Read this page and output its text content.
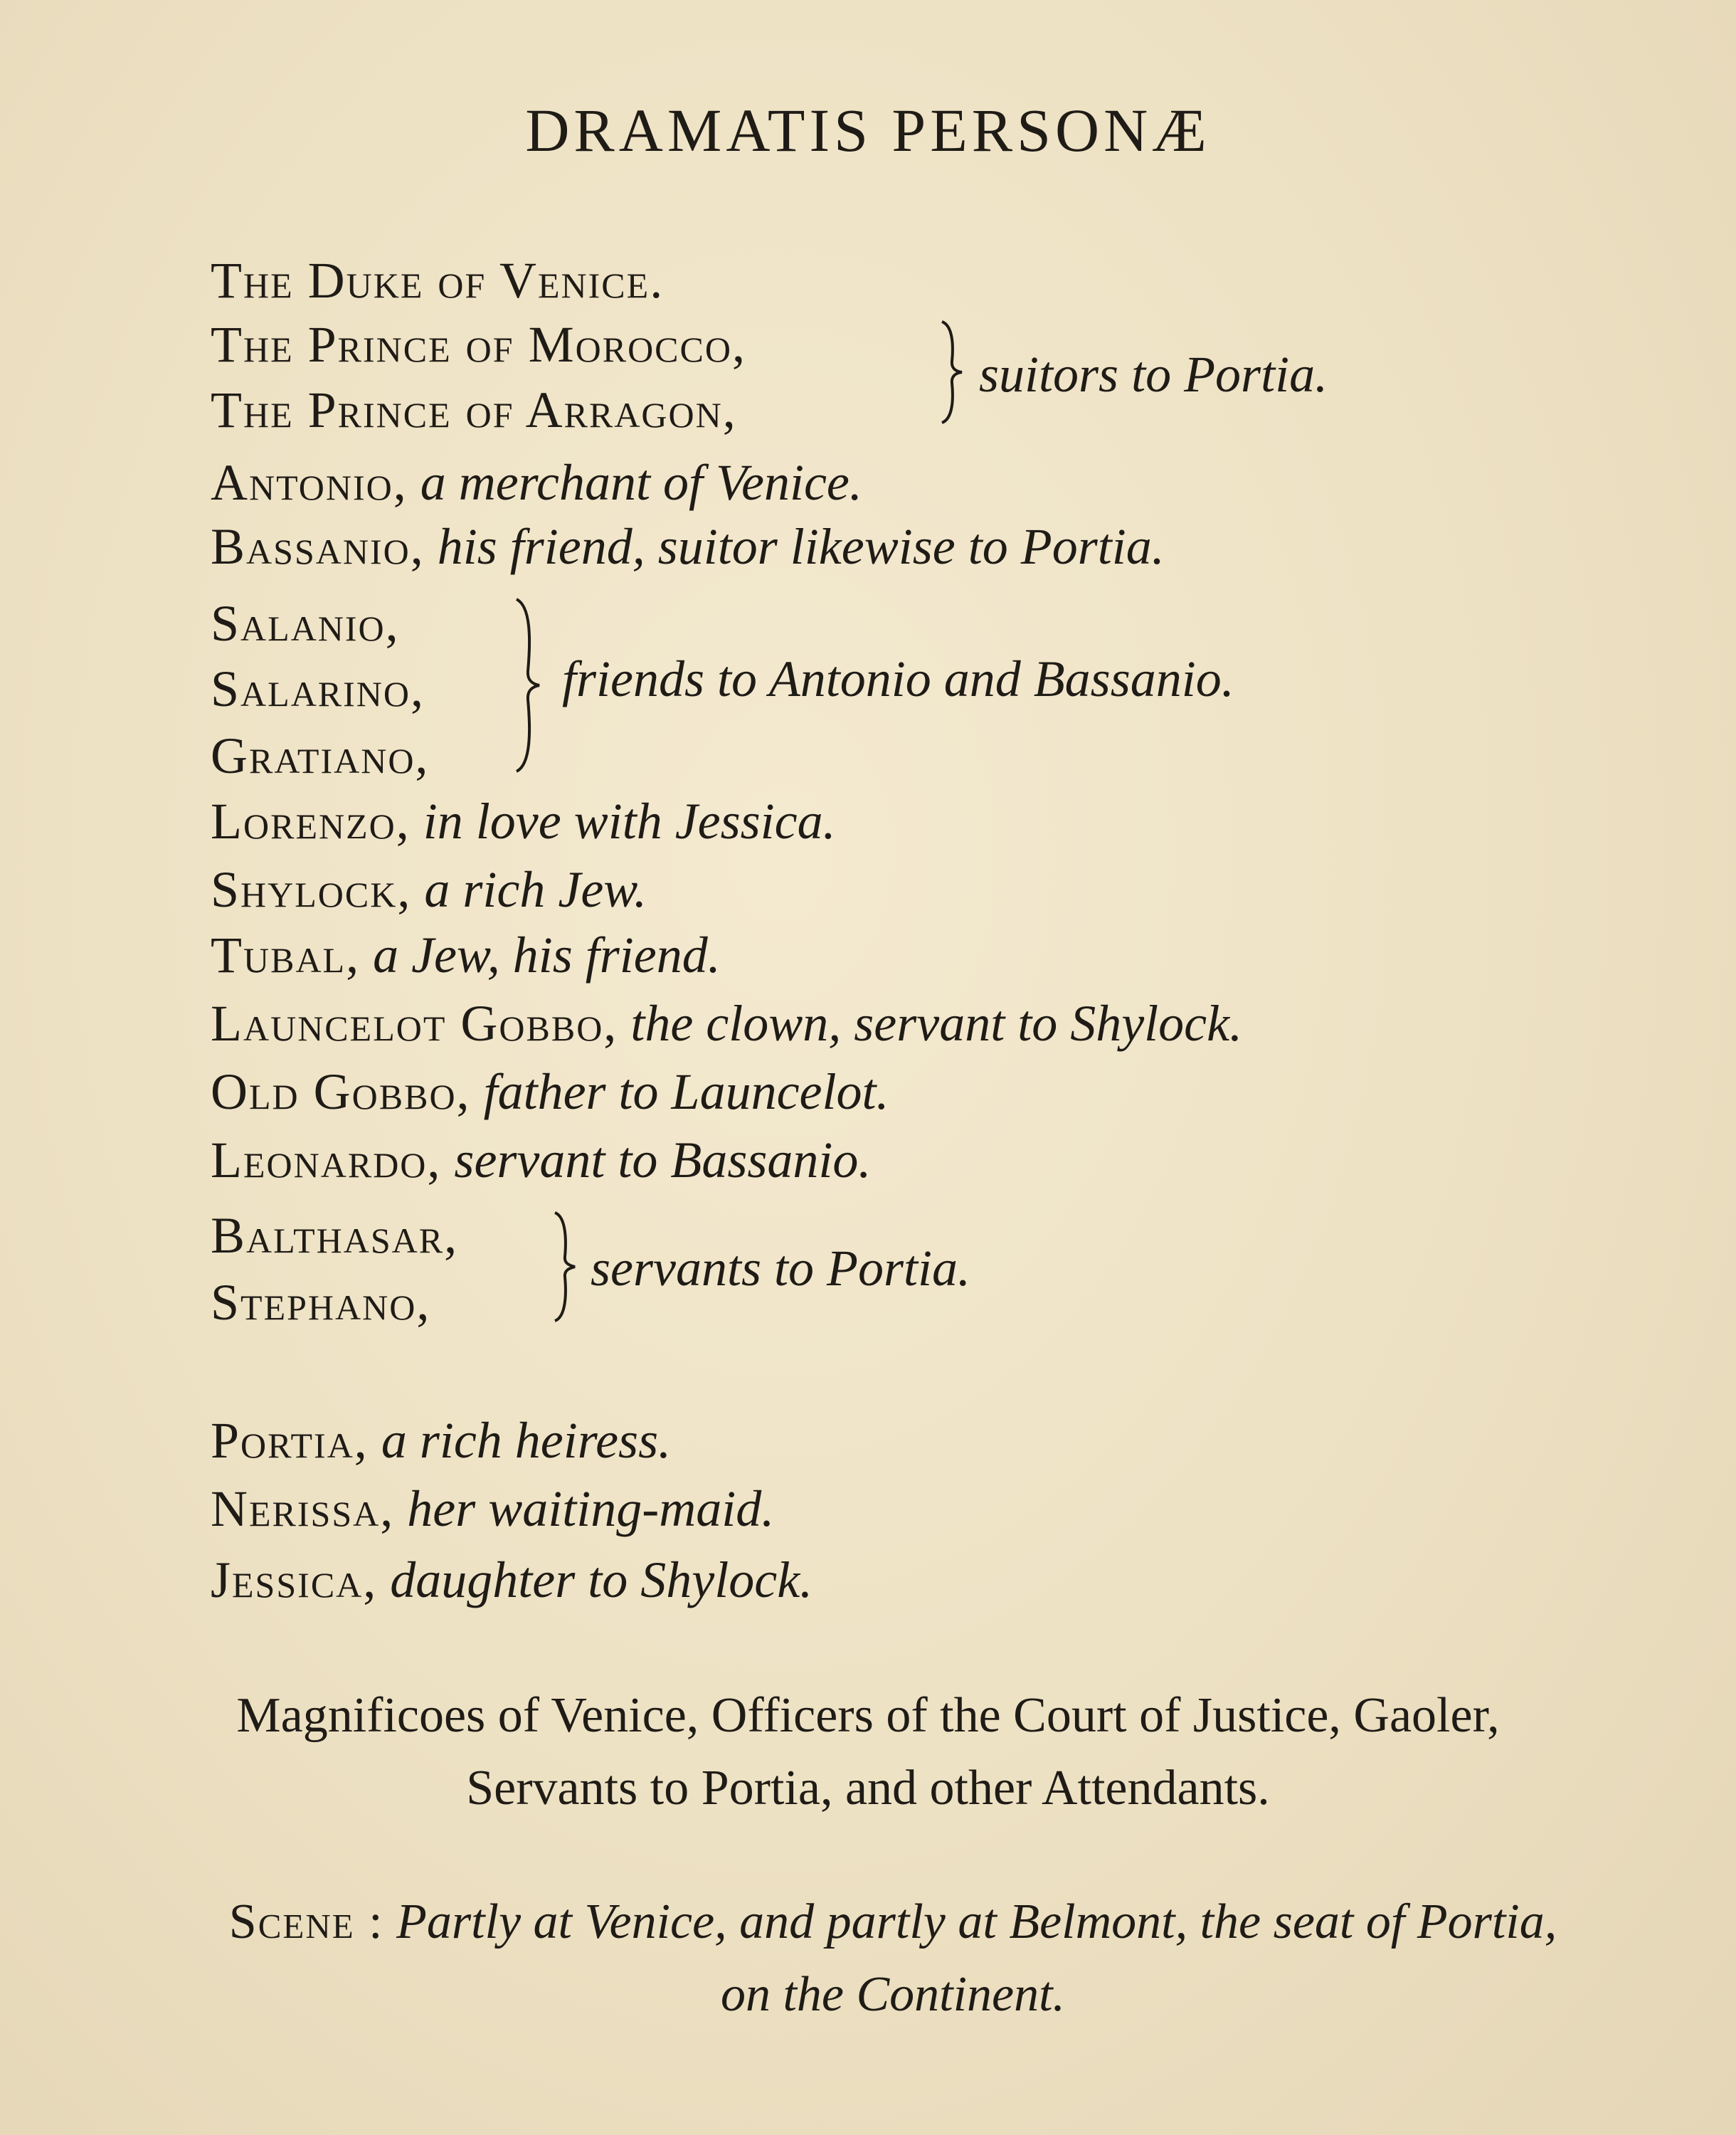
DRAMATIS PERSONÆ
The Duke of Venice.
The Prince of Morocco,
The Prince of Arragon,
suitors to Portia.
Antonio, a merchant of Venice.
Bassanio, his friend, suitor likewise to Portia.
Salanio,
Salarino,
Gratiano,
friends to Antonio and Bassanio.
Lorenzo, in love with Jessica.
Shylock, a rich Jew.
Tubal, a Jew, his friend.
Launcelot Gobbo, the clown, servant to Shylock.
Old Gobbo, father to Launcelot.
Leonardo, servant to Bassanio.
Balthasar,
Stephano,
servants to Portia.
Portia, a rich heiress.
Nerissa, her waiting-maid.
Jessica, daughter to Shylock.
Magnificoes of Venice, Officers of the Court of Justice, Gaoler,
Servants to Portia, and other Attendants.
Scene : Partly at Venice, and partly at Belmont, the seat of Portia,
on the Continent.
